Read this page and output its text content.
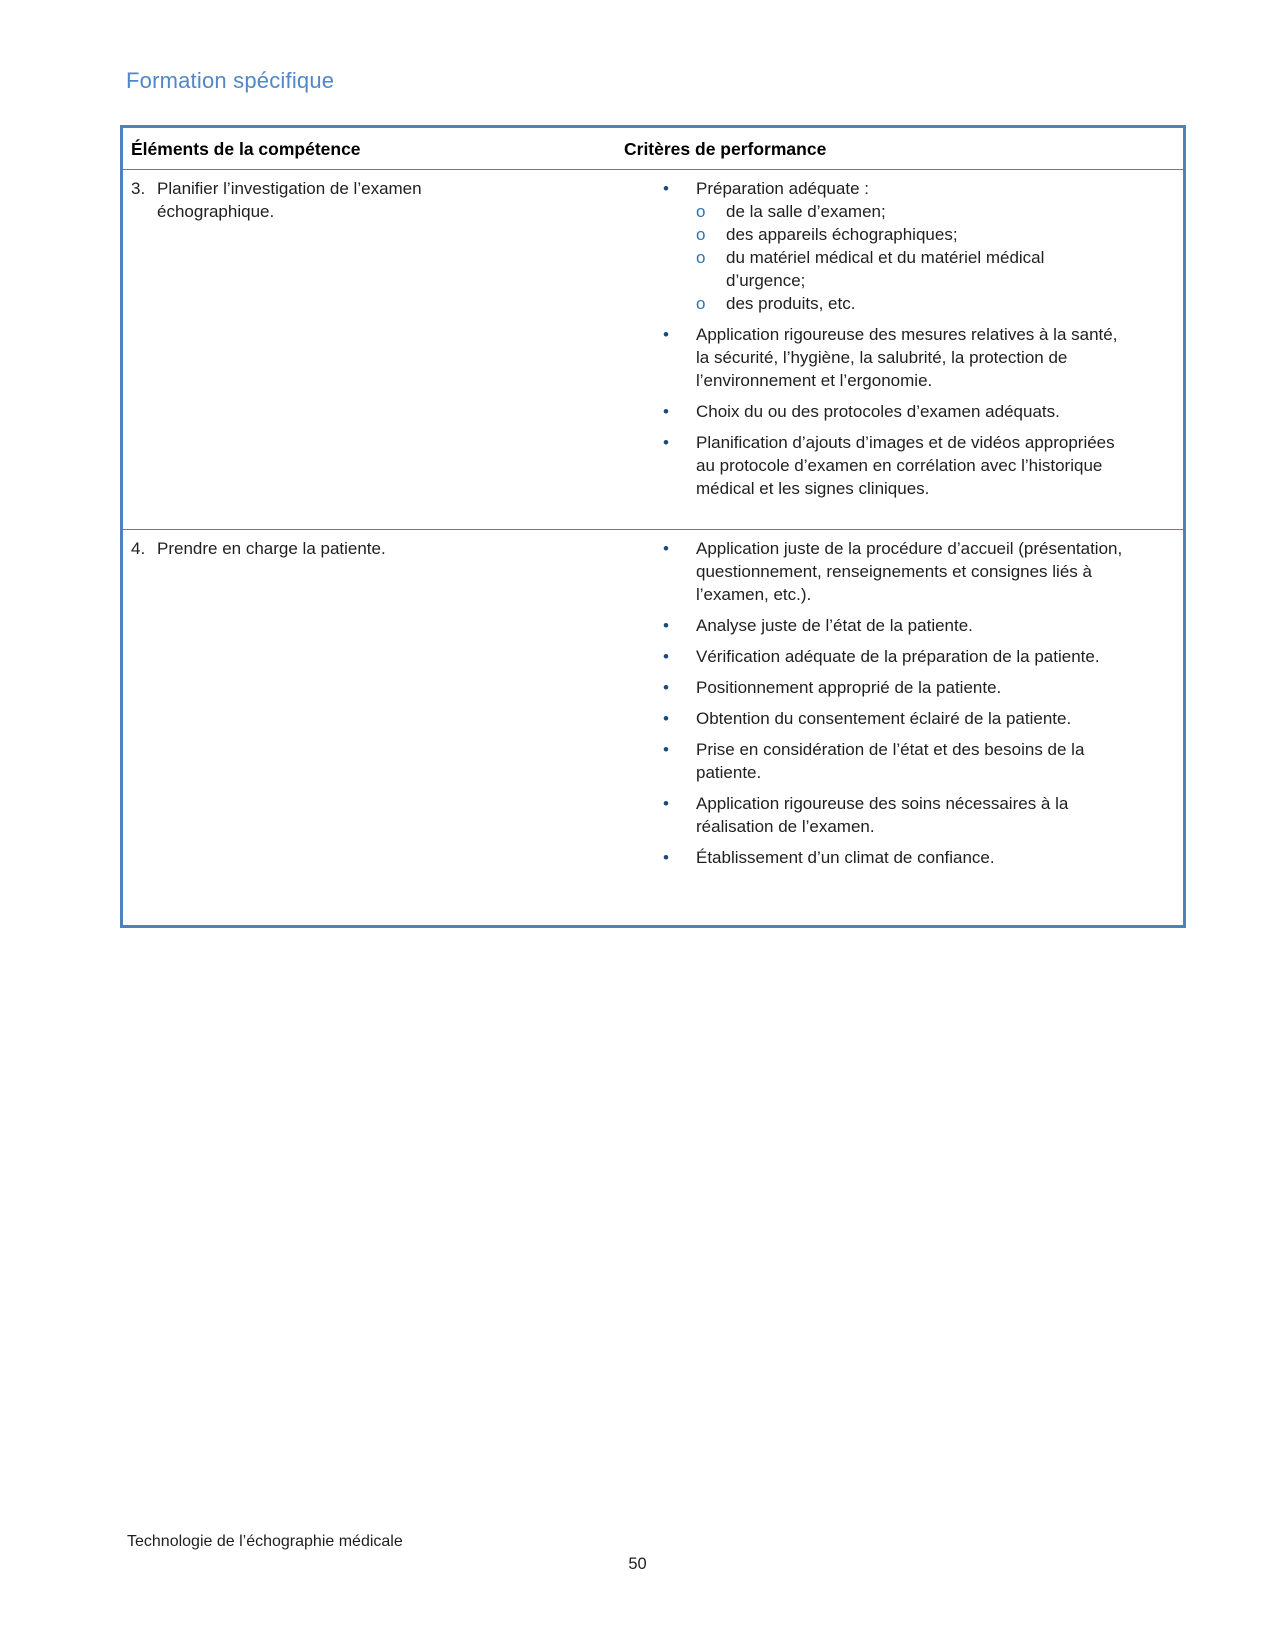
Formation spécifique
Éléments de la compétence	Critères de performance

3. Planifier l’investigation de l’examen échographique.

•	Préparation adéquate :
o	de la salle d’examen;
o	des appareils échographiques;
o	du matériel médical et du matériel médical d’urgence;
o	des produits, etc.
•	Application rigoureuse des mesures relatives à la santé, la sécurité, l’hygiène, la salubrité, la protection de l’environnement et l’ergonomie.
•	Choix du ou des protocoles d’examen adéquats.
•	Planification d’ajouts d’images et de vidéos appropriées au protocole d’examen en corrélation avec l’historique médical et les signes cliniques.

4. Prendre en charge la patiente.	•	Application juste de la procédure d’accueil (présentation, questionnement, renseignements et consignes liés à l’examen, etc.).
•	Analyse juste de l’état de la patiente.
•	Vérification adéquate de la préparation de la patiente.
•	Positionnement approprié de la patiente.
•	Obtention du consentement éclairé de la patiente.
•	Prise en considération de l’état et des besoins de la patiente.
•	Application rigoureuse des soins nécessaires à la réalisation de l’examen.
•	Établissement d’un climat de confiance.
Technologie de l’échographie médicale
50
